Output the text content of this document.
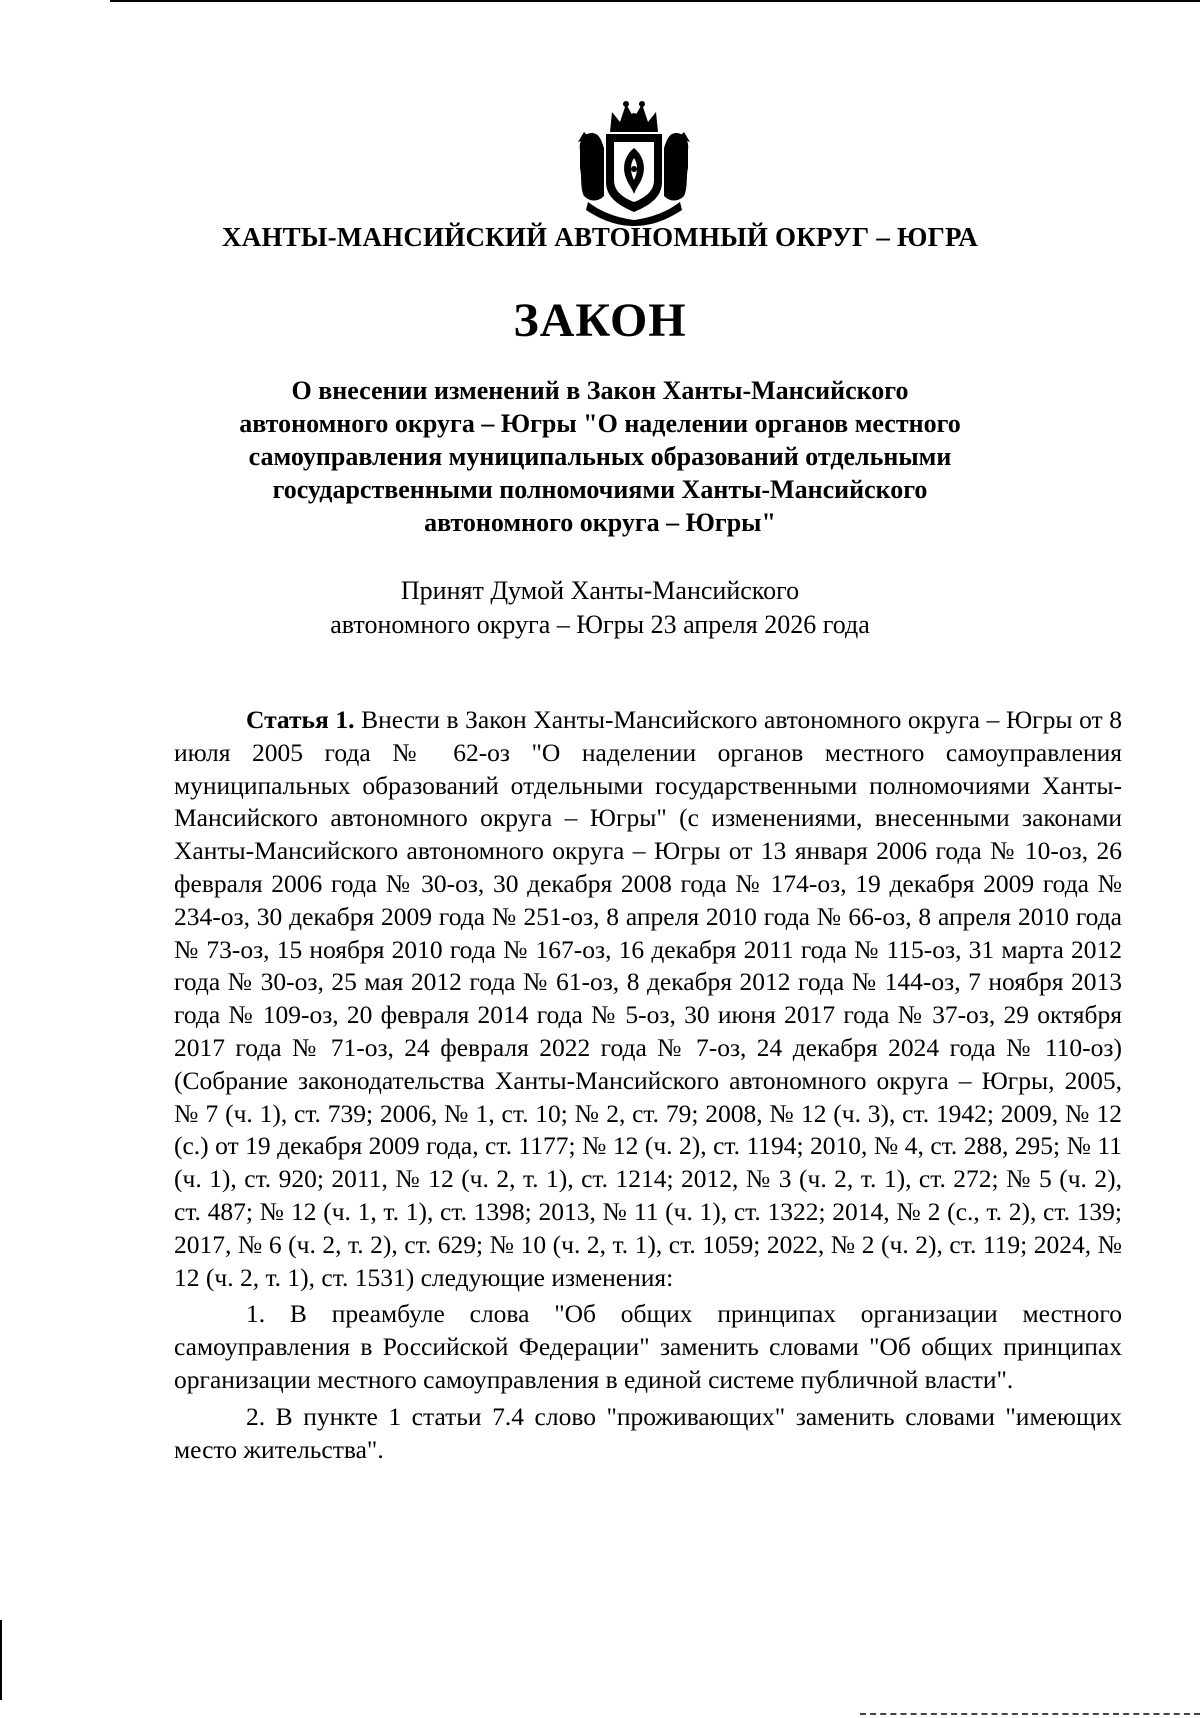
ХАНТЫ-МАНСИЙСКИЙ АВТОНОМНЫЙ ОКРУГ – ЮГРА
ЗАКОН
О внесении изменений в Закон Ханты-Мансийского
автономного округа – Югры "О наделении органов местного
самоуправления муниципальных образований отдельными
государственными полномочиями Ханты-Мансийского
автономного округа – Югры"
Принят Думой Ханты-Мансийского
автономного округа – Югры 23 апреля 2026 года

Статья 1. Внести в Закон Ханты-Мансийского автономного округа – Югры от 8 июля 2005 года № 62-оз "О наделении органов местного самоуправления муниципальных образований отдельными государственными полномочиями Ханты-Мансийского автономного округа – Югры" (с изменениями, внесенными законами Ханты-Мансийского автономного округа – Югры от 13 января 2006 года № 10-оз, 26 февраля 2006 года № 30-оз, 30 декабря 2008 года № 174-оз, 19 декабря 2009 года № 234-оз, 30 декабря 2009 года № 251-оз, 8 апреля 2010 года № 66-оз, 8 апреля 2010 года № 73-оз, 15 ноября 2010 года № 167-оз, 16 декабря 2011 года № 115-оз, 31 марта 2012 года № 30-оз, 25 мая 2012 года № 61-оз, 8 декабря 2012 года № 144-оз, 7 ноября 2013 года № 109-оз, 20 февраля 2014 года № 5-оз, 30 июня 2017 года № 37-оз, 29 октября 2017 года № 71-оз, 24 февраля 2022 года № 7-оз, 24 декабря 2024 года № 110-оз) (Собрание законодательства Ханты-Мансийского автономного округа – Югры, 2005, № 7 (ч. 1), ст. 739; 2006, № 1, ст. 10; № 2, ст. 79; 2008, № 12 (ч. 3), ст. 1942; 2009, № 12 (с.) от 19 декабря 2009 года, ст. 1177; № 12 (ч. 2), ст. 1194; 2010, № 4, ст. 288, 295; № 11 (ч. 1), ст. 920; 2011, № 12 (ч. 2, т. 1), ст. 1214; 2012, № 3 (ч. 2, т. 1), ст. 272; № 5 (ч. 2), ст. 487; № 12 (ч. 1, т. 1), ст. 1398; 2013, № 11 (ч. 1), ст. 1322; 2014, № 2 (с., т. 2), ст. 139; 2017, № 6 (ч. 2, т. 2), ст. 629; № 10 (ч. 2, т. 1), ст. 1059; 2022, № 2 (ч. 2), ст. 119; 2024, № 12 (ч. 2, т. 1), ст. 1531) следующие изменения:

1. В преамбуле слова "Об общих принципах организации местного самоуправления в Российской Федерации" заменить словами "Об общих принципах организации местного самоуправления в единой системе публичной власти".

2. В пункте 1 статьи 7.4 слово "проживающих" заменить словами "имеющих место жительства".
